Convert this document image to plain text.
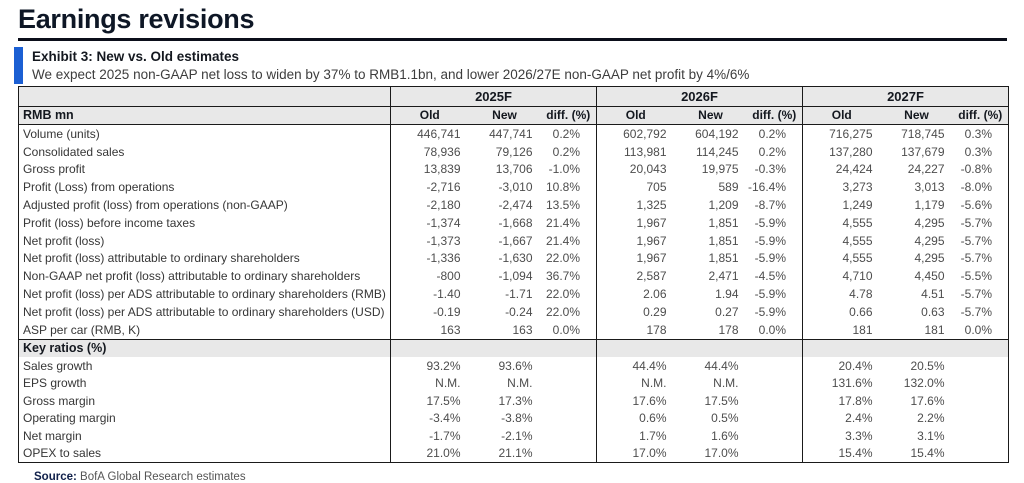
Earnings revisions
Exhibit 3: New vs. Old estimates
We expect 2025 non-GAAP net loss to widen by 37% to RMB1.1bn, and lower 2026/27E non-GAAP net profit by 4%/6%
	2025F			2026F			2027F		
RMB mn	Old	New	diff. (%)	Old	New	diff. (%)	Old	New	diff. (%)
Volume (units)	446,741	447,741	0.2%	602,792	604,192	0.2%	716,275	718,745	0.3%
Consolidated sales	78,936	79,126	0.2%	113,981	114,245	0.2%	137,280	137,679	0.3%
Gross profit	13,839	13,706	-1.0%	20,043	19,975	-0.3%	24,424	24,227	-0.8%
Profit (Loss) from operations	-2,716	-3,010	10.8%	705	589	-16.4%	3,273	3,013	-8.0%
Adjusted profit (loss) from operations (non-GAAP)	-2,180	-2,474	13.5%	1,325	1,209	-8.7%	1,249	1,179	-5.6%
Profit (loss) before income taxes	-1,374	-1,668	21.4%	1,967	1,851	-5.9%	4,555	4,295	-5.7%
Net profit (loss)	-1,373	-1,667	21.4%	1,967	1,851	-5.9%	4,555	4,295	-5.7%
Net profit (loss) attributable to ordinary shareholders	-1,336	-1,630	22.0%	1,967	1,851	-5.9%	4,555	4,295	-5.7%
Non-GAAP net profit (loss) attributable to ordinary shareholders	-800	-1,094	36.7%	2,587	2,471	-4.5%	4,710	4,450	-5.5%
Net profit (loss) per ADS attributable to ordinary shareholders (RMB)	-1.40	-1.71	22.0%	2.06	1.94	-5.9%	4.78	4.51	-5.7%
Net profit (loss) per ADS attributable to ordinary shareholders (USD)	-0.19	-0.24	22.0%	0.29	0.27	-5.9%	0.66	0.63	-5.7%
ASP per car (RMB, K)	163	163	0.0%	178	178	0.0%	181	181	0.0%
Key ratios (%)									
Sales growth	93.2%	93.6%		44.4%	44.4%		20.4%	20.5%	
EPS growth	N.M.	N.M.		N.M.	N.M.		131.6%	132.0%	
Gross margin	17.5%	17.3%		17.6%	17.5%		17.8%	17.6%	
Operating margin	-3.4%	-3.8%		0.6%	0.5%		2.4%	2.2%	
Net margin	-1.7%	-2.1%		1.7%	1.6%		3.3%	3.1%	
OPEX to sales	21.0%	21.1%		17.0%	17.0%		15.4%	15.4%	
Source: BofA Global Research estimates
